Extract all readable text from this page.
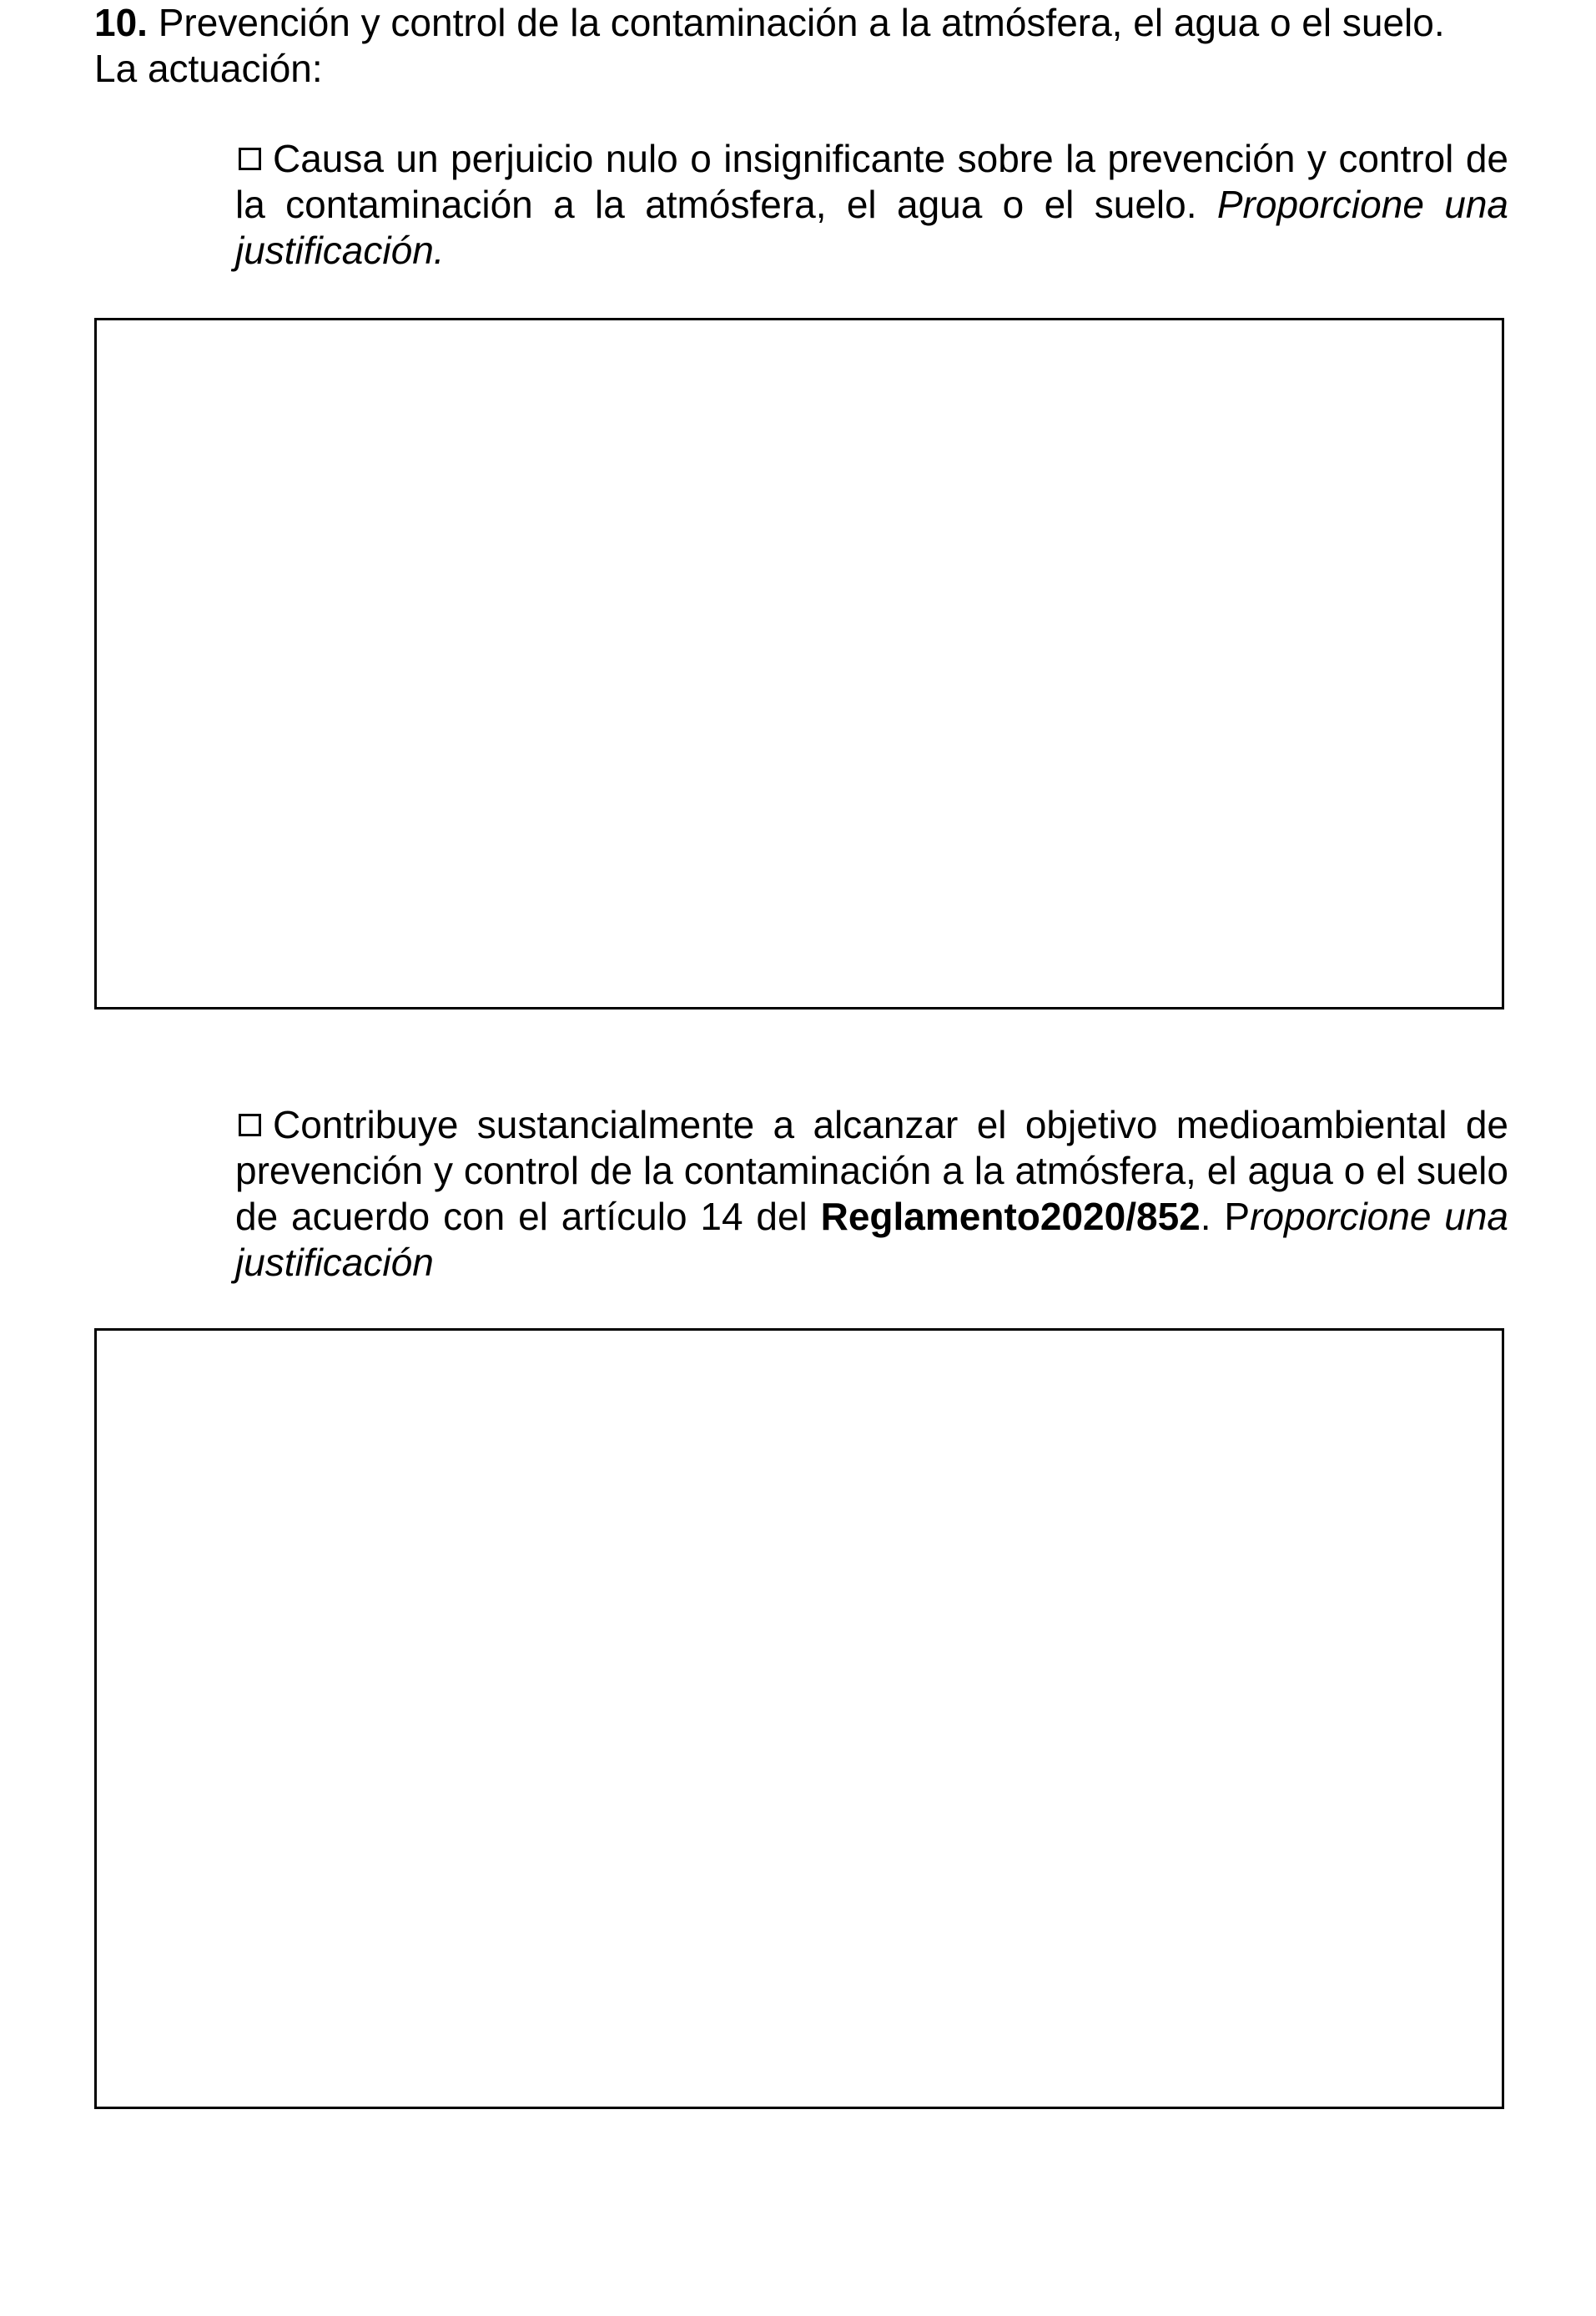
10. Prevención y control de la contaminación a la atmósfera, el agua o el suelo.
La actuación:
Causa un perjuicio nulo o insignificante sobre la prevención y control de la contaminación a la atmósfera, el agua o el suelo. Proporcione una justificación.
Contribuye sustancialmente a alcanzar el objetivo medioambiental de prevención y control de la contaminación a la atmósfera, el agua o el suelo de acuerdo con el artículo 14 del Reglamento2020/852. Proporcione una justificación
